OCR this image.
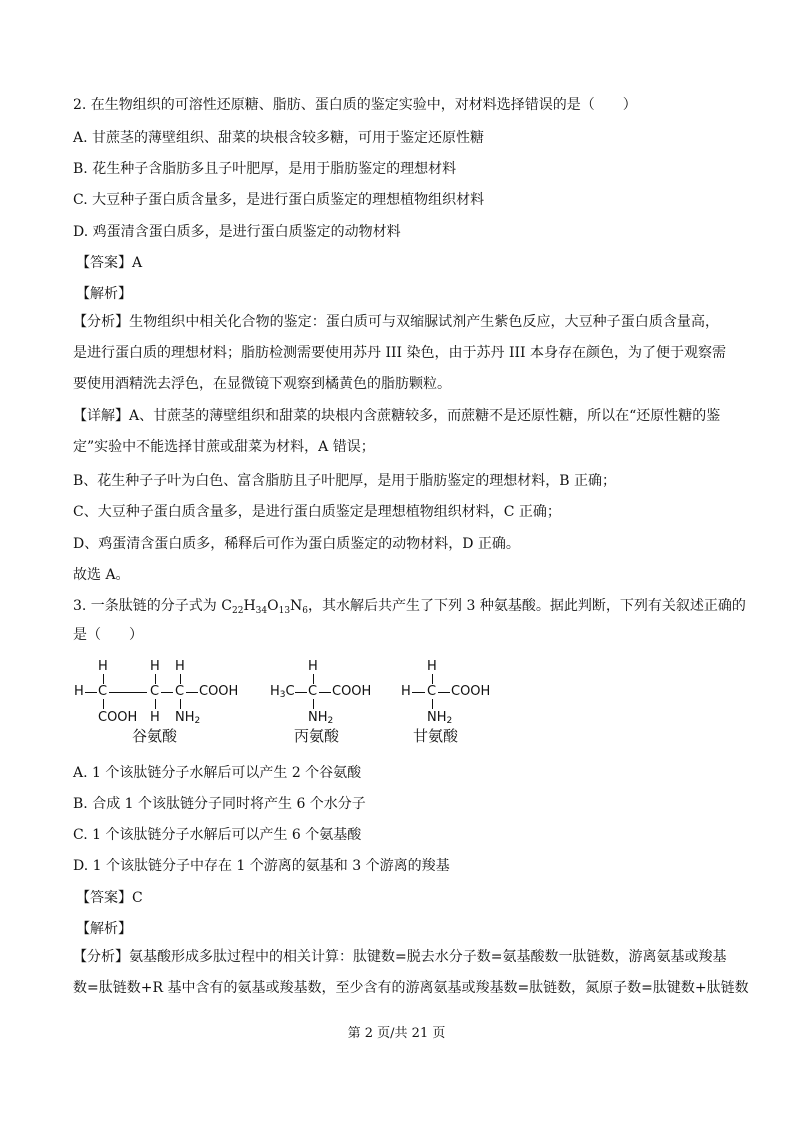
2. 在生物组织的可溶性还原糖、脂肪、蛋白质的鉴定实验中，对材料选择错误的是（　　）
A. 甘蔗茎的薄壁组织、甜菜的块根含较多糖，可用于鉴定还原性糖
B. 花生种子含脂肪多且子叶肥厚，是用于脂肪鉴定的理想材料
C. 大豆种子蛋白质含量多，是进行蛋白质鉴定的理想植物组织材料
D. 鸡蛋清含蛋白质多，是进行蛋白质鉴定的动物材料
【答案】A
【解析】
【分析】生物组织中相关化合物的鉴定：蛋白质可与双缩脲试剂产生紫色反应，大豆种子蛋白质含量高，
是进行蛋白质的理想材料；脂肪检测需要使用苏丹 III 染色，由于苏丹 III 本身存在颜色，为了便于观察需
要使用酒精洗去浮色，在显微镜下观察到橘黄色的脂肪颗粒。
【详解】A、甘蔗茎的薄壁组织和甜菜的块根内含蔗糖较多，而蔗糖不是还原性糖，所以在“还原性糖的鉴
定”实验中不能选择甘蔗或甜菜为材料，A 错误；
B、花生种子子叶为白色、富含脂肪且子叶肥厚，是用于脂肪鉴定的理想材料，B 正确；
C、大豆种子蛋白质含量多，是进行蛋白质鉴定是理想植物组织材料，C 正确；
D、鸡蛋清含蛋白质多，稀释后可作为蛋白质鉴定的动物材料，D 正确。
故选 A。
3. 一条肽链的分子式为 $C_{22}H_{34}O_{13}N_6$，其水解后共产生了下列 3 种氨基酸。据此判断，下列有关叙述正确的
是（　　）
H	H H
H C	C C COOH
COOH H NH2
谷氨酸
H
H3C C COOH
NH2
丙氨酸
H
H C COOH
NH2
甘氨酸
A. 1 个该肽链分子水解后可以产生 2 个谷氨酸
B. 合成 1 个该肽链分子同时将产生 6 个水分子
C. 1 个该肽链分子水解后可以产生 6 个氨基酸
D. 1 个该肽链分子中存在 1 个游离的氨基和 3 个游离的羧基
【答案】C
【解析】
【分析】氨基酸形成多肽过程中的相关计算：肽键数=脱去水分子数=氨基酸数一肽链数，游离氨基或羧基
数=肽链数+R 基中含有的氨基或羧基数，至少含有的游离氨基或羧基数=肽链数，氮原子数=肽键数+肽链数
第 2 页/共 21 页
